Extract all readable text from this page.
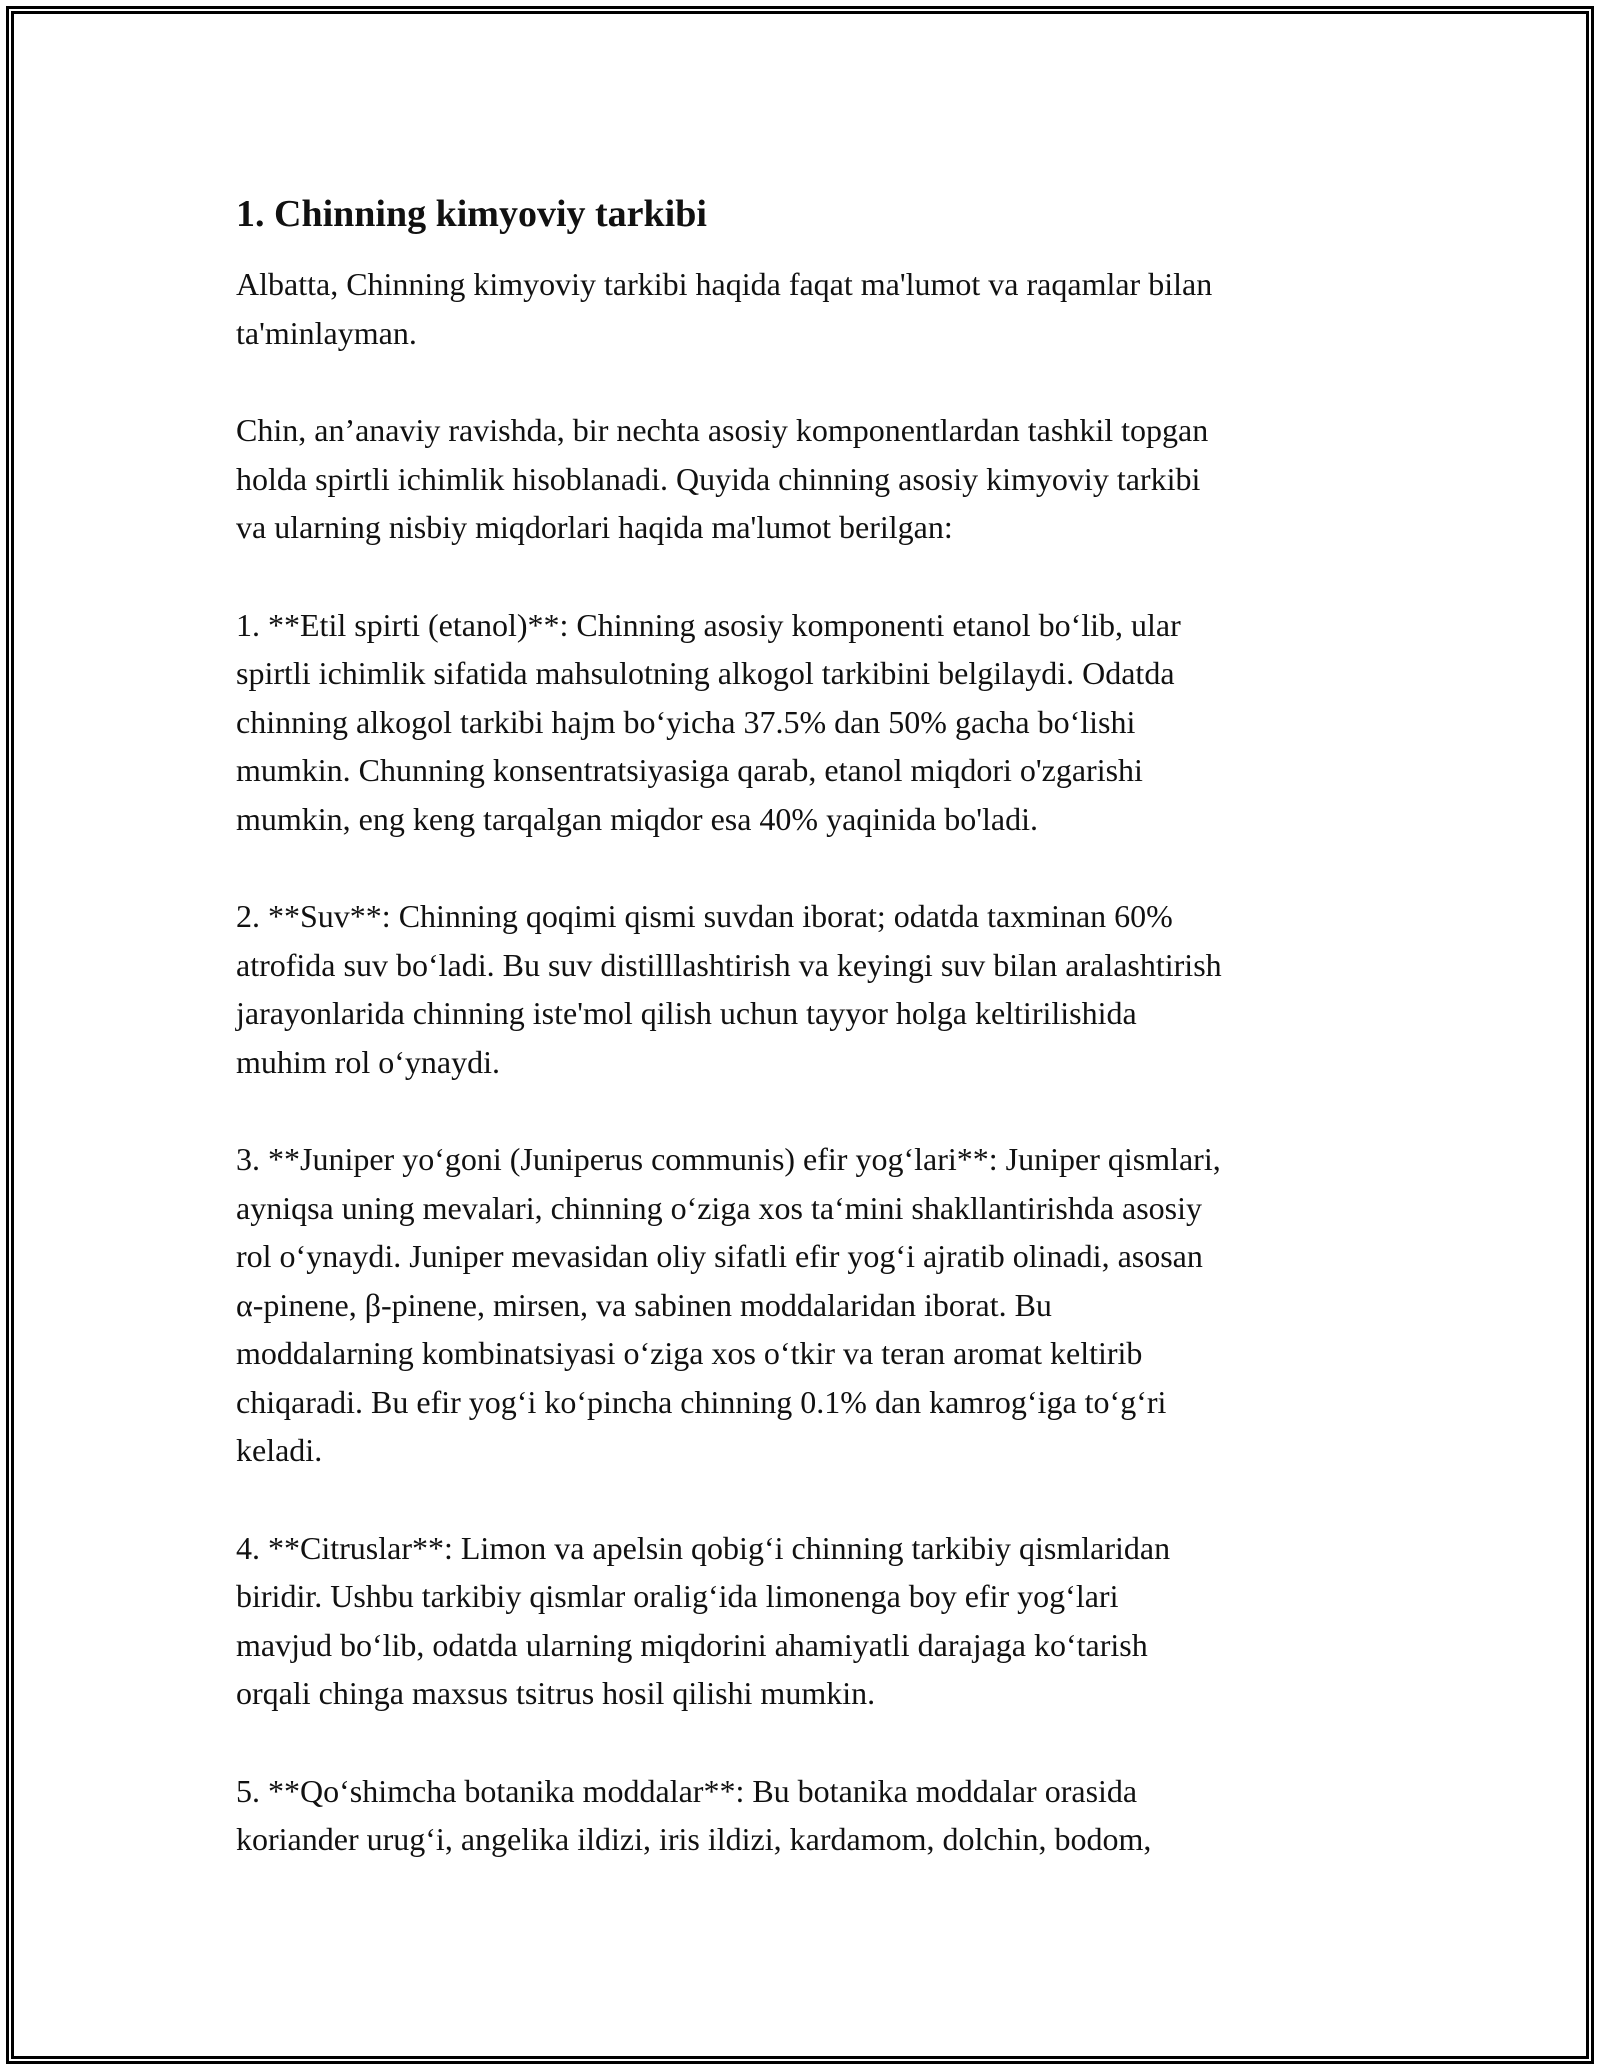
1. Chinning kimyoviy tarkibi
Albatta, Chinning kimyoviy tarkibi haqida faqat ma'lumot va raqamlar bilan
ta'minlayman.
Chin, an’anaviy ravishda, bir nechta asosiy komponentlardan tashkil topgan
holda spirtli ichimlik hisoblanadi. Quyida chinning asosiy kimyoviy tarkibi
va ularning nisbiy miqdorlari haqida ma'lumot berilgan:
1. **Etil spirti (etanol)**: Chinning asosiy komponenti etanol bo‘lib, ular
spirtli ichimlik sifatida mahsulotning alkogol tarkibini belgilaydi. Odatda
chinning alkogol tarkibi hajm bo‘yicha 37.5% dan 50% gacha bo‘lishi
mumkin. Chunning konsentratsiyasiga qarab, etanol miqdori o'zgarishi
mumkin, eng keng tarqalgan miqdor esa 40% yaqinida bo'ladi.
2. **Suv**: Chinning qoqimi qismi suvdan iborat; odatda taxminan 60%
atrofida suv bo‘ladi. Bu suv distilllashtirish va keyingi suv bilan aralashtirish
jarayonlarida chinning iste'mol qilish uchun tayyor holga keltirilishida
muhim rol o‘ynaydi.
3. **Juniper yo‘goni (Juniperus communis) efir yog‘lari**: Juniper qismlari,
ayniqsa uning mevalari, chinning o‘ziga xos ta‘mini shakllantirishda asosiy
rol o‘ynaydi. Juniper mevasidan oliy sifatli efir yog‘i ajratib olinadi, asosan
α-pinene, β-pinene, mirsen, va sabinen moddalaridan iborat. Bu
moddalarning kombinatsiyasi o‘ziga xos o‘tkir va teran aromat keltirib
chiqaradi. Bu efir yog‘i ko‘pincha chinning 0.1% dan kamrog‘iga to‘g‘ri
keladi.
4. **Citruslar**: Limon va apelsin qobig‘i chinning tarkibiy qismlaridan
biridir. Ushbu tarkibiy qismlar oralig‘ida limonenga boy efir yog‘lari
mavjud bo‘lib, odatda ularning miqdorini ahamiyatli darajaga ko‘tarish
orqali chinga maxsus tsitrus hosil qilishi mumkin.
5. **Qo‘shimcha botanika moddalar**: Bu botanika moddalar orasida
koriander urug‘i, angelika ildizi, iris ildizi, kardamom, dolchin, bodom,
